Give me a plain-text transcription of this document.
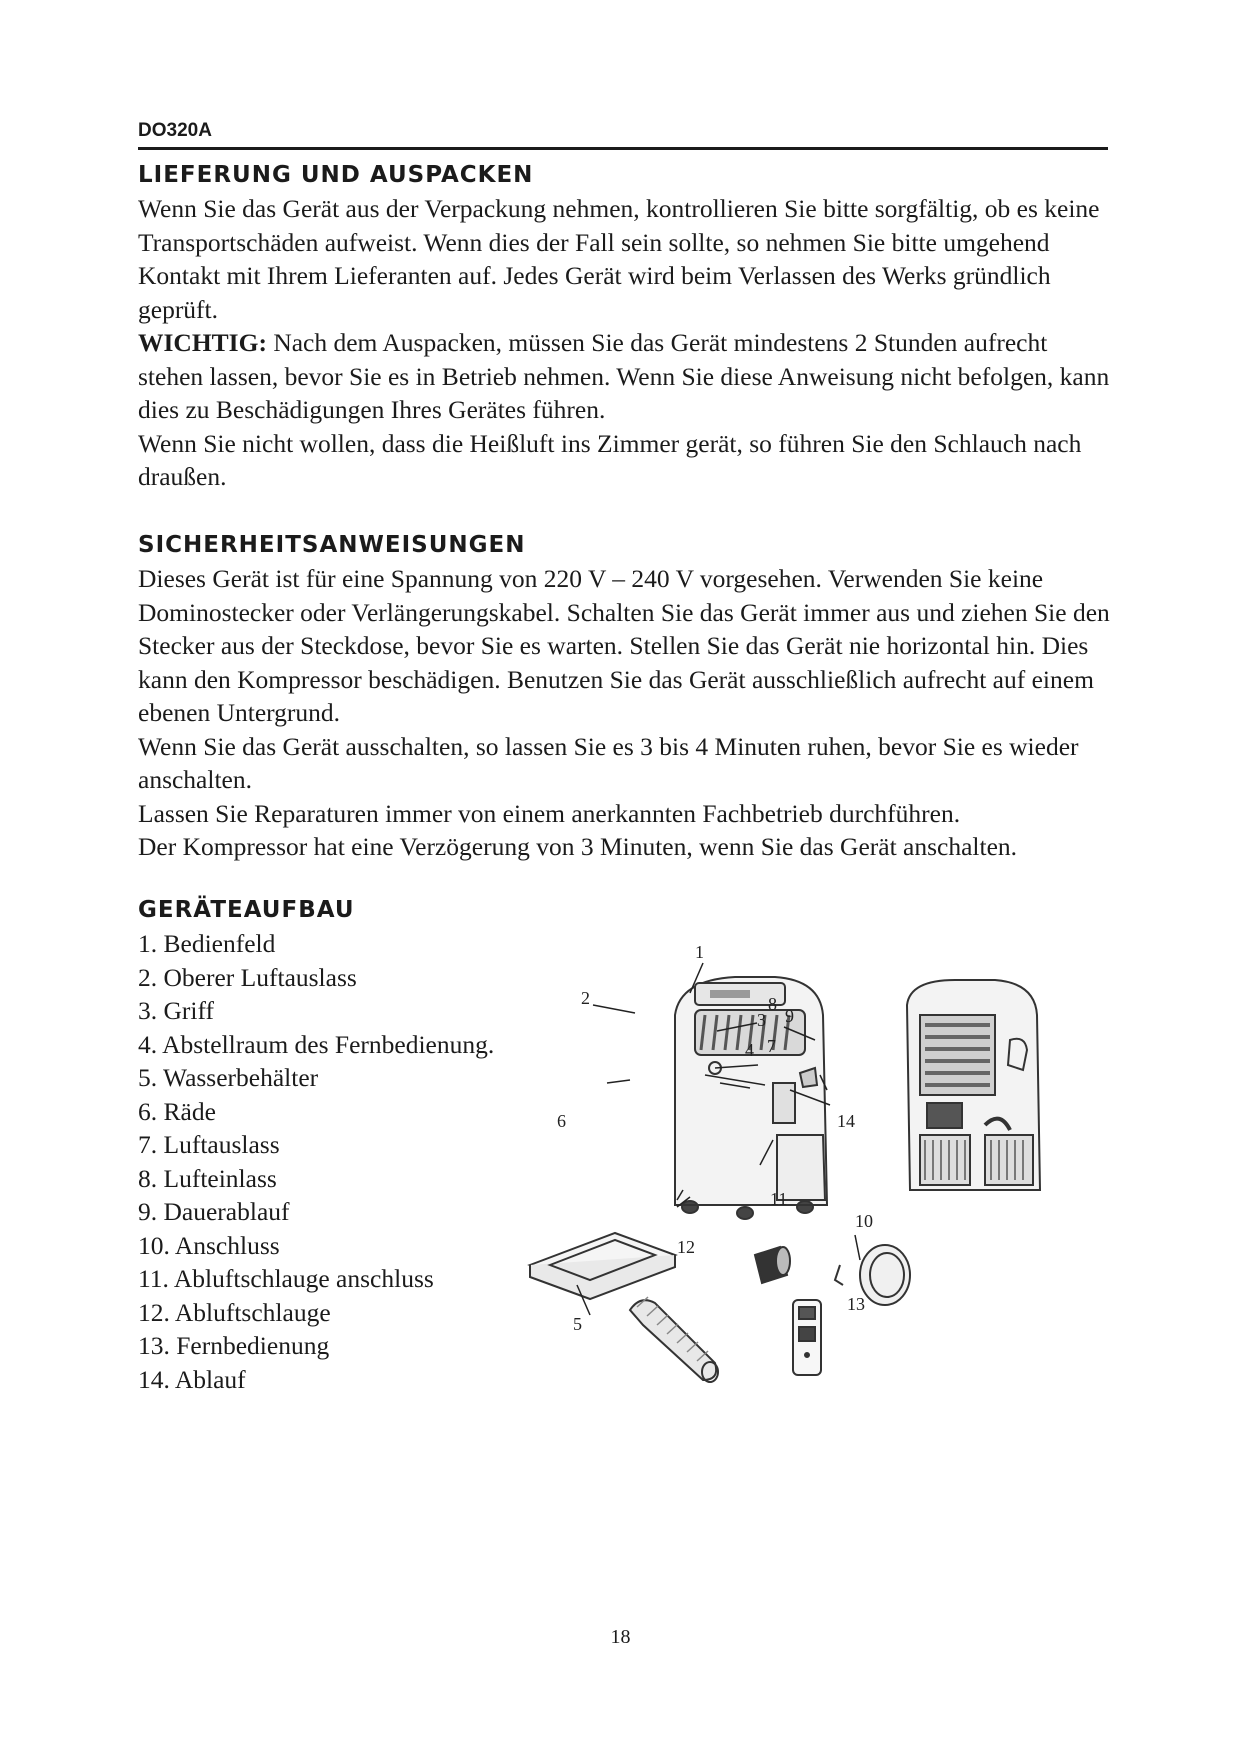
DO320A
LIEFERUNG UND AUSPACKEN

Wenn Sie das Gerät aus der Verpackung nehmen, kontrollieren Sie bitte sorgfältig, ob es keine Transportschäden aufweist. Wenn dies der Fall sein sollte, so nehmen Sie bitte umgehend Kontakt mit Ihrem Lieferanten auf. Jedes Gerät wird beim Verlassen des Werks gründlich geprüft.

WICHTIG: Nach dem Auspacken, müssen Sie das Gerät mindestens 2 Stunden aufrecht stehen lassen, bevor Sie es in Betrieb nehmen. Wenn Sie diese Anweisung nicht befolgen, kann dies zu Beschädigungen Ihres Gerätes führen.

Wenn Sie nicht wollen, dass die Heißluft ins Zimmer gerät, so führen Sie den Schlauch nach draußen.

SICHERHEITSANWEISUNGEN

Dieses Gerät ist für eine Spannung von 220 V – 240 V vorgesehen. Verwenden Sie keine Dominostecker oder Verlängerungskabel. Schalten Sie das Gerät immer aus und ziehen Sie den Stecker aus der Steckdose, bevor Sie es warten. Stellen Sie das Gerät nie horizontal hin. Dies kann den Kompressor beschädigen. Benutzen Sie das Gerät ausschließlich aufrecht auf einem ebenen Untergrund.

Wenn Sie das Gerät ausschalten, so lassen Sie es 3 bis 4 Minuten ruhen, bevor Sie es wieder anschalten.

Lassen Sie Reparaturen immer von einem anerkannten Fachbetrieb durchführen.

Der Kompressor hat eine Verzögerung von 3 Minuten, wenn Sie das Gerät anschalten.

GERÄTEAUFBAU
1. Bedienfeld
2. Oberer Luftauslass
3. Griff
4. Abstellraum des Fernbedienung.
5. Wasserbehälter
6. Räde
7. Luftauslass
8. Lufteinlass
9. Dauerablauf
10. Anschluss
11. Abluftschlauge anschluss
12. Abluftschlauge
13. Fernbedienung
14. Ablauf
1
2
3
4
5
6
7
8
9
10
11
12
13
14
18
